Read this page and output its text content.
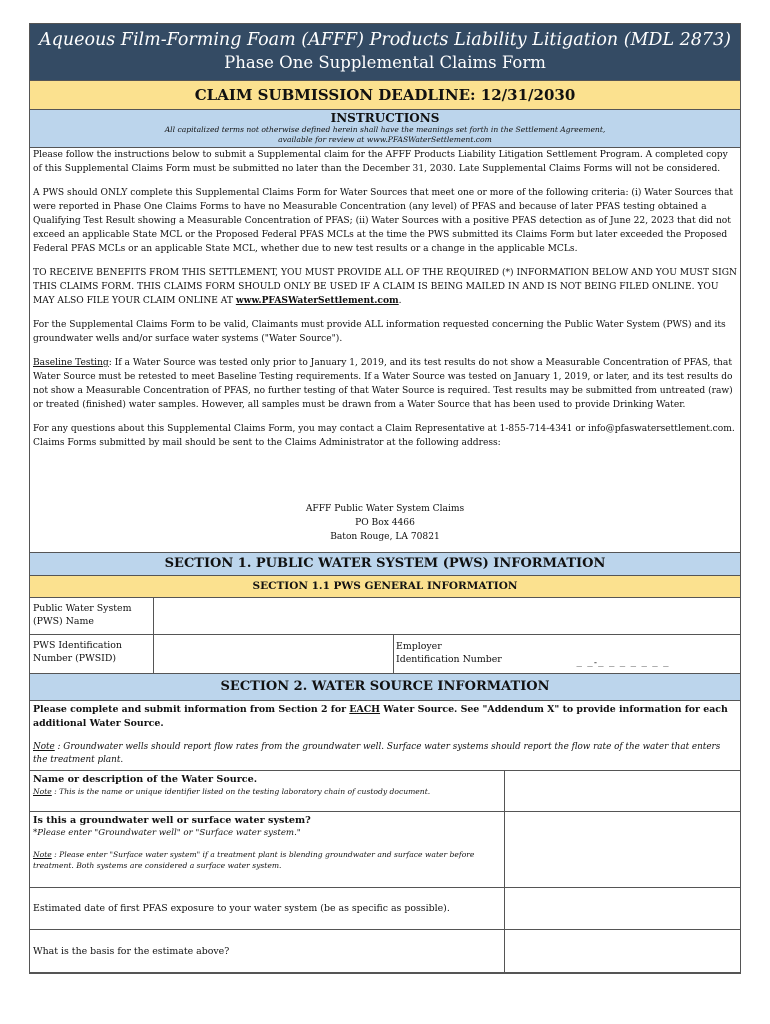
Aqueous Film-Forming Foam (AFFF) Products Liability Litigation (MDL 2873)
Phase One Supplemental Claims Form
CLAIM SUBMISSION DEADLINE: 12/31/2030
INSTRUCTIONS
All capitalized terms not otherwise defined herein shall have the meanings set forth in the Settlement Agreement,
available for review at www.PFASWaterSettlement.com

Please follow the instructions below to submit a Supplemental claim for the AFFF Products Liability Litigation Settlement Program. A completed copy of this Supplemental Claims Form must be submitted no later than the December 31, 2030. Late Supplemental Claims Forms will not be considered.

A PWS should ONLY complete this Supplemental Claims Form for Water Sources that meet one or more of the following criteria: (i) Water Sources that were reported in Phase One Claims Forms to have no Measurable Concentration (any level) of PFAS and because of later PFAS testing obtained a Qualifying Test Result showing a Measurable Concentration of PFAS; (ii) Water Sources with a positive PFAS detection as of June 22, 2023 that did not exceed an applicable State MCL or the Proposed Federal PFAS MCLs at the time the PWS submitted its Claims Form but later exceeded the Proposed Federal PFAS MCLs or an applicable State MCL, whether due to new test results or a change in the applicable MCLs.

TO RECEIVE BENEFITS FROM THIS SETTLEMENT, YOU MUST PROVIDE ALL OF THE REQUIRED (*) INFORMATION BELOW AND YOU MUST SIGN THIS CLAIMS FORM. THIS CLAIMS FORM SHOULD ONLY BE USED IF A CLAIM IS BEING MAILED IN AND IS NOT BEING FILED ONLINE. YOU MAY ALSO FILE YOUR CLAIM ONLINE AT www.PFASWaterSettlement.com.

For the Supplemental Claims Form to be valid, Claimants must provide ALL information requested concerning the Public Water System (PWS) and its groundwater wells and/or surface water systems ("Water Source").

Baseline Testing: If a Water Source was tested only prior to January 1, 2019, and its test results do not show a Measurable Concentration of PFAS, that Water Source must be retested to meet Baseline Testing requirements. If a Water Source was tested on January 1, 2019, or later, and its test results do not show a Measurable Concentration of PFAS, no further testing of that Water Source is required. Test results may be submitted from untreated (raw) or treated (finished) water samples. However, all samples must be drawn from a Water Source that has been used to provide Drinking Water.

For any questions about this Supplemental Claims Form, you may contact a Claim Representative at 1-855-714-4341 or info@pfaswatersettlement.com. Claims Forms submitted by mail should be sent to the Claims Administrator at the following address:

AFFF Public Water System Claims
PO Box 4466
Baton Rouge, LA 70821
SECTION 1. PUBLIC WATER SYSTEM (PWS) INFORMATION
SECTION 1.1 PWS GENERAL INFORMATION
Public Water System (PWS) Name
PWS Identification Number (PWSID)
Employer Identification Number	_ _-_ _ _ _ _ _ _
SECTION 2. WATER SOURCE INFORMATION
Please complete and submit information from Section 2 for EACH Water Source. See "Addendum X" to provide information for each additional Water Source.
Note : Groundwater wells should report flow rates from the groundwater well. Surface water systems should report the flow rate of the water that enters the treatment plant.
Name or description of the Water Source.
Note : This is the name or unique identifier listed on the testing laboratory chain of custody document.
Is this a groundwater well or surface water system?
*Please enter "Groundwater well" or "Surface water system."
Note : Please enter "Surface water system" if a treatment plant is blending groundwater and surface water before treatment. Both systems are considered a surface water system.
Estimated date of first PFAS exposure to your water system (be as specific as possible).
What is the basis for the estimate above?
